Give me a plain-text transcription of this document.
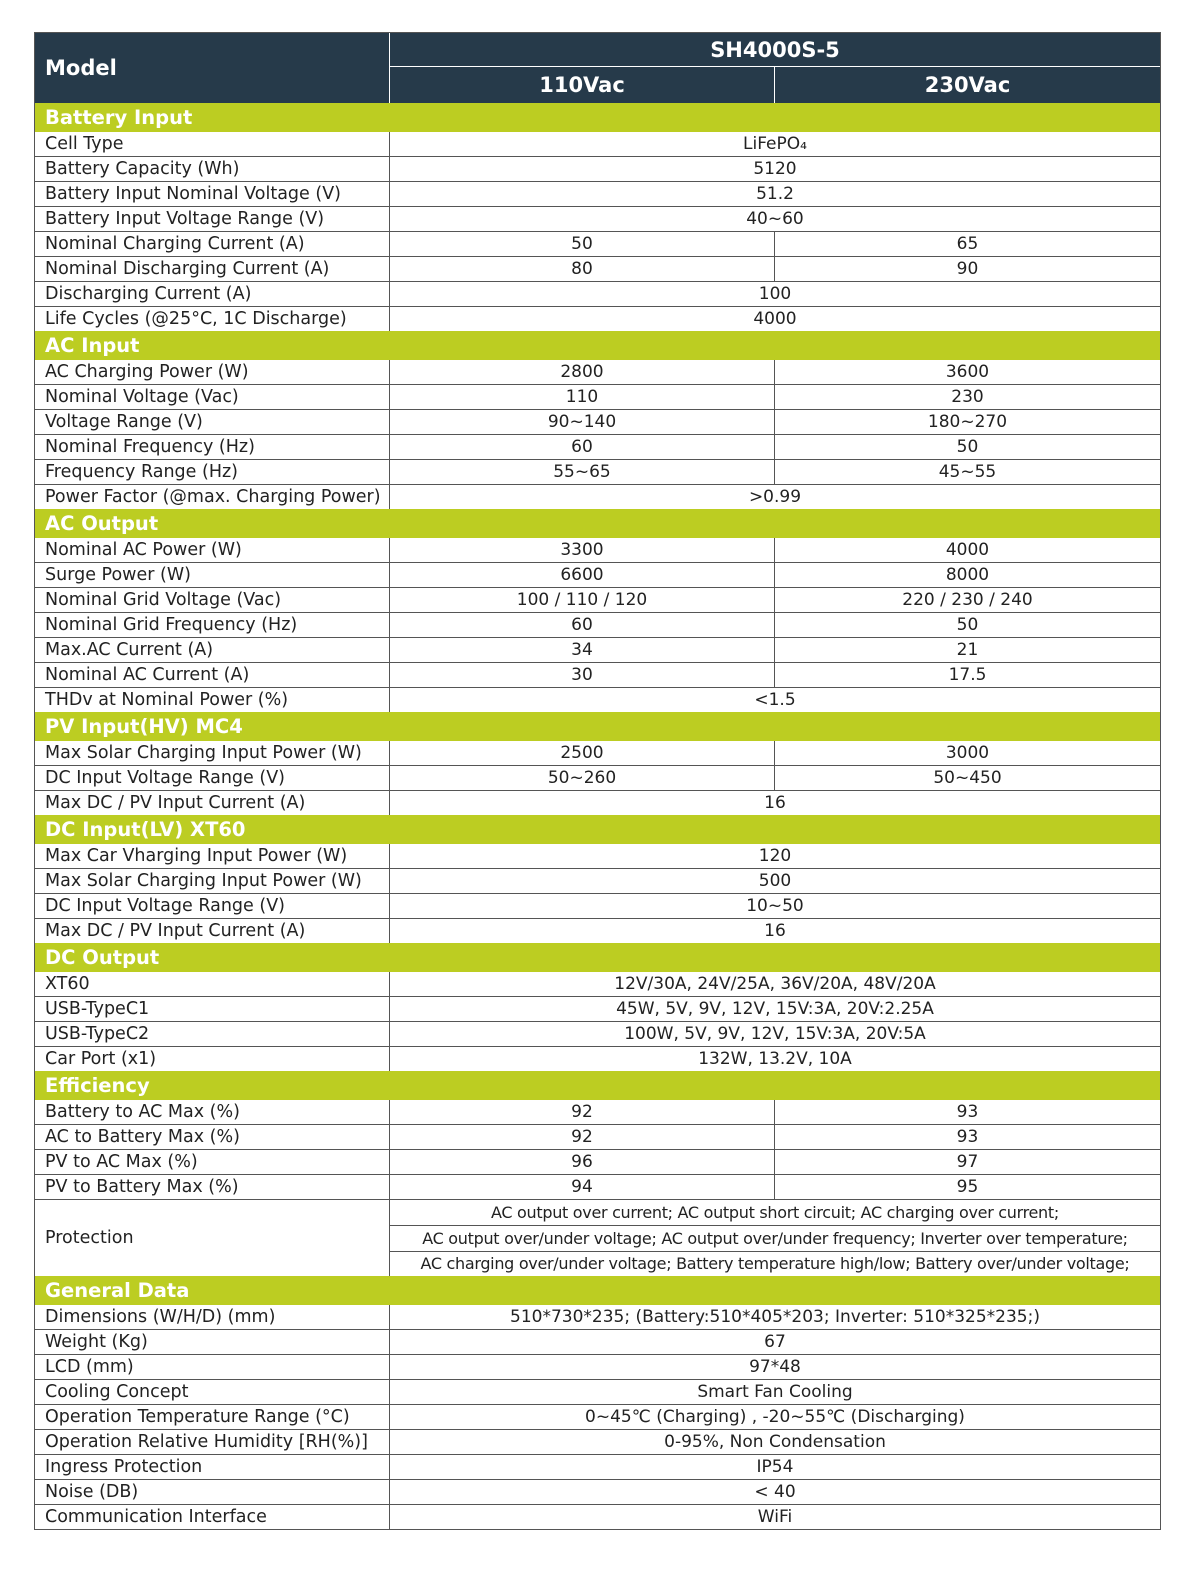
Model
SH4000S-5
110Vac	230Vac
Battery Input
Cell Type	LiFePO₄
Battery Capacity (Wh)	5120
Battery Input Nominal Voltage (V)	51.2
Battery Input Voltage Range (V)	40~60
Nominal Charging Current (A)	50	65
Nominal Discharging Current (A)	80	90
Discharging Current (A)	100
Life Cycles (@25°C, 1C Discharge)	4000
AC Input
AC Charging Power (W)	2800	3600
Nominal Voltage (Vac)	110	230
Voltage Range (V)	90~140	180~270
Nominal Frequency (Hz)	60	50
Frequency Range (Hz)	55~65	45~55
Power Factor (@max. Charging Power)	>0.99
AC Output
Nominal AC Power (W)	3300	4000
Surge Power (W)	6600	8000
Nominal Grid Voltage (Vac)	100 / 110 / 120	220 / 230 / 240
Nominal Grid Frequency (Hz)	60	50
Max.AC Current (A)	34	21
Nominal AC Current (A)	30	17.5
THDv at Nominal Power (%)	<1.5
PV Input(HV) MC4
Max Solar Charging Input Power (W)	2500	3000
DC Input Voltage Range (V)	50~260	50~450
Max DC / PV Input Current (A)	16
DC Input(LV) XT60
Max Car Vharging Input Power (W)	120
Max Solar Charging Input Power (W)	500
DC Input Voltage Range (V)	10~50
Max DC / PV Input Current (A)	16
DC Output
XT60	12V/30A, 24V/25A, 36V/20A, 48V/20A
USB-TypeC1	45W, 5V, 9V, 12V, 15V:3A, 20V:2.25A
USB-TypeC2	100W, 5V, 9V, 12V, 15V:3A, 20V:5A
Car Port (x1)	132W, 13.2V, 10A
Efficiency
Battery to AC Max (%)	92	93
AC to Battery Max (%)	92	93
PV to AC Max (%)	96	97
PV to Battery Max (%)	94	95
Protection
AC output over current; AC output short circuit; AC charging over current;
AC output over/under voltage; AC output over/under frequency; Inverter over temperature;
AC charging over/under voltage; Battery temperature high/low; Battery over/under voltage;
General Data
Dimensions (W/H/D) (mm)	510*730*235; (Battery:510*405*203; Inverter: 510*325*235;)
Weight (Kg)	67
LCD (mm)	97*48
Cooling Concept	Smart Fan Cooling
Operation Temperature Range (°C)	0~45℃ (Charging) , -20~55℃ (Discharging)
Operation Relative Humidity [RH(%)]	0-95%, Non Condensation
Ingress Protection	IP54
Noise (DB)	< 40
Communication Interface	WiFi
